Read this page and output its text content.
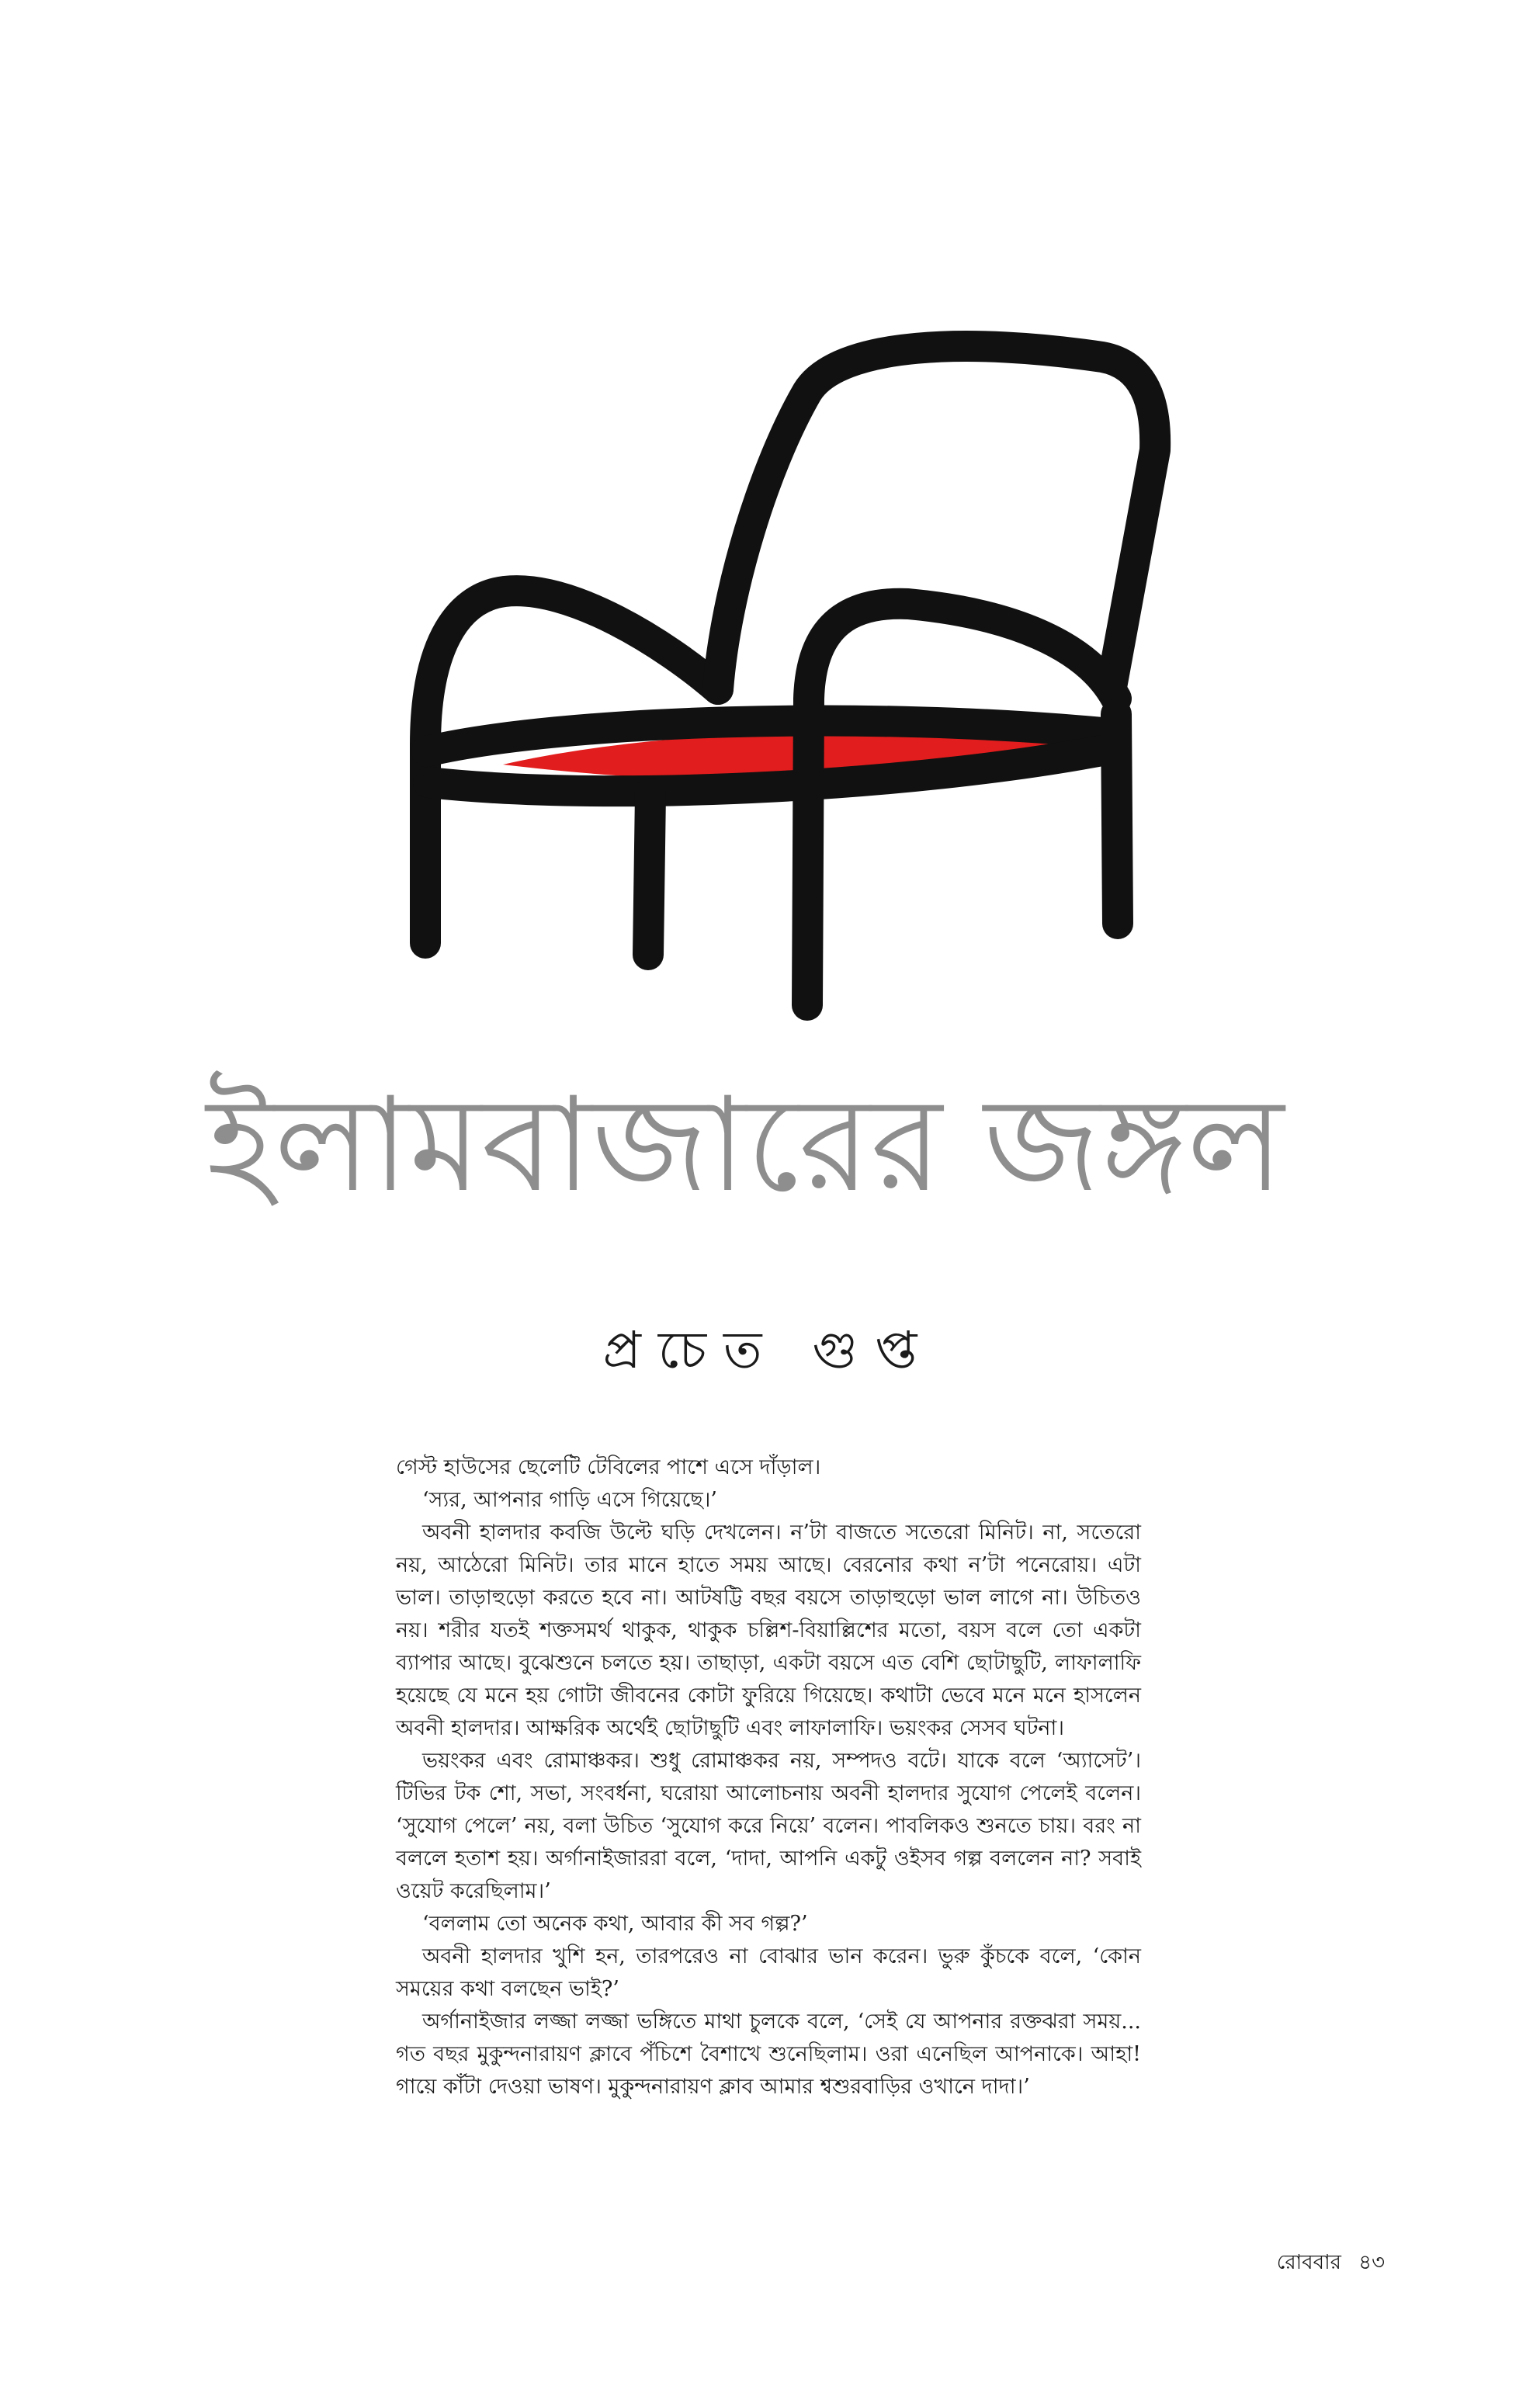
ইলামবাজারের জঙ্গল
প্রচেত গুপ্ত

গেস্ট হাউসের ছেলেটি টেবিলের পাশে এসে দাঁড়াল।

‘স্যর, আপনার গাড়ি এসে গিয়েছে।’

অবনী হালদার কবজি উল্টে ঘড়ি দেখলেন। ন’টা বাজতে সতেরো মিনিট। না, সতেরো নয়, আঠেরো মিনিট। তার মানে হাতে সময় আছে। বেরনোর কথা ন’টা পনেরোয়। এটা ভাল। তাড়াহুড়ো করতে হবে না। আটষট্টি বছর বয়সে তাড়াহুড়ো ভাল লাগে না। উচিতও নয়। শরীর যতই শক্তসমর্থ থাকুক, থাকুক চল্লিশ-বিয়াল্লিশের মতো, বয়স বলে তো একটা ব্যাপার আছে। বুঝেশুনে চলতে হয়। তাছাড়া, একটা বয়সে এত বেশি ছোটাছুটি, লাফালাফি হয়েছে যে মনে হয় গোটা জীবনের কোটা ফুরিয়ে গিয়েছে। কথাটা ভেবে মনে মনে হাসলেন অবনী হালদার। আক্ষরিক অর্থেই ছোটাছুটি এবং লাফালাফি। ভয়ংকর সেসব ঘটনা।

ভয়ংকর এবং রোমাঞ্চকর। শুধু রোমাঞ্চকর নয়, সম্পদও বটে। যাকে বলে ‘অ্যাসেট’। টিভির টক শো, সভা, সংবর্ধনা, ঘরোয়া আলোচনায় অবনী হালদার সুযোগ পেলেই বলেন। ‘সুযোগ পেলে’ নয়, বলা উচিত ‘সুযোগ করে নিয়ে’ বলেন। পাবলিকও শুনতে চায়। বরং না বললে হতাশ হয়। অর্গানাইজাররা বলে, ‘দাদা, আপনি একটু ওইসব গল্প বললেন না? সবাই ওয়েট করেছিলাম।’

‘বললাম তো অনেক কথা, আবার কী সব গল্প?’

অবনী হালদার খুশি হন, তারপরেও না বোঝার ভান করেন। ভুরু কুঁচকে বলে, ‘কোন সময়ের কথা বলছেন ভাই?’

অর্গানাইজার লজ্জা লজ্জা ভঙ্গিতে মাথা চুলকে বলে, ‘সেই যে আপনার রক্তঝরা সময়... গত বছর মুকুন্দনারায়ণ ক্লাবে পঁচিশে বৈশাখে শুনেছিলাম। ওরা এনেছিল আপনাকে। আহা! গায়ে কাঁটা দেওয়া ভাষণ। মুকুন্দনারায়ণ ক্লাব আমার শ্বশুরবাড়ির ওখানে দাদা।’

রোববার ৪৩
